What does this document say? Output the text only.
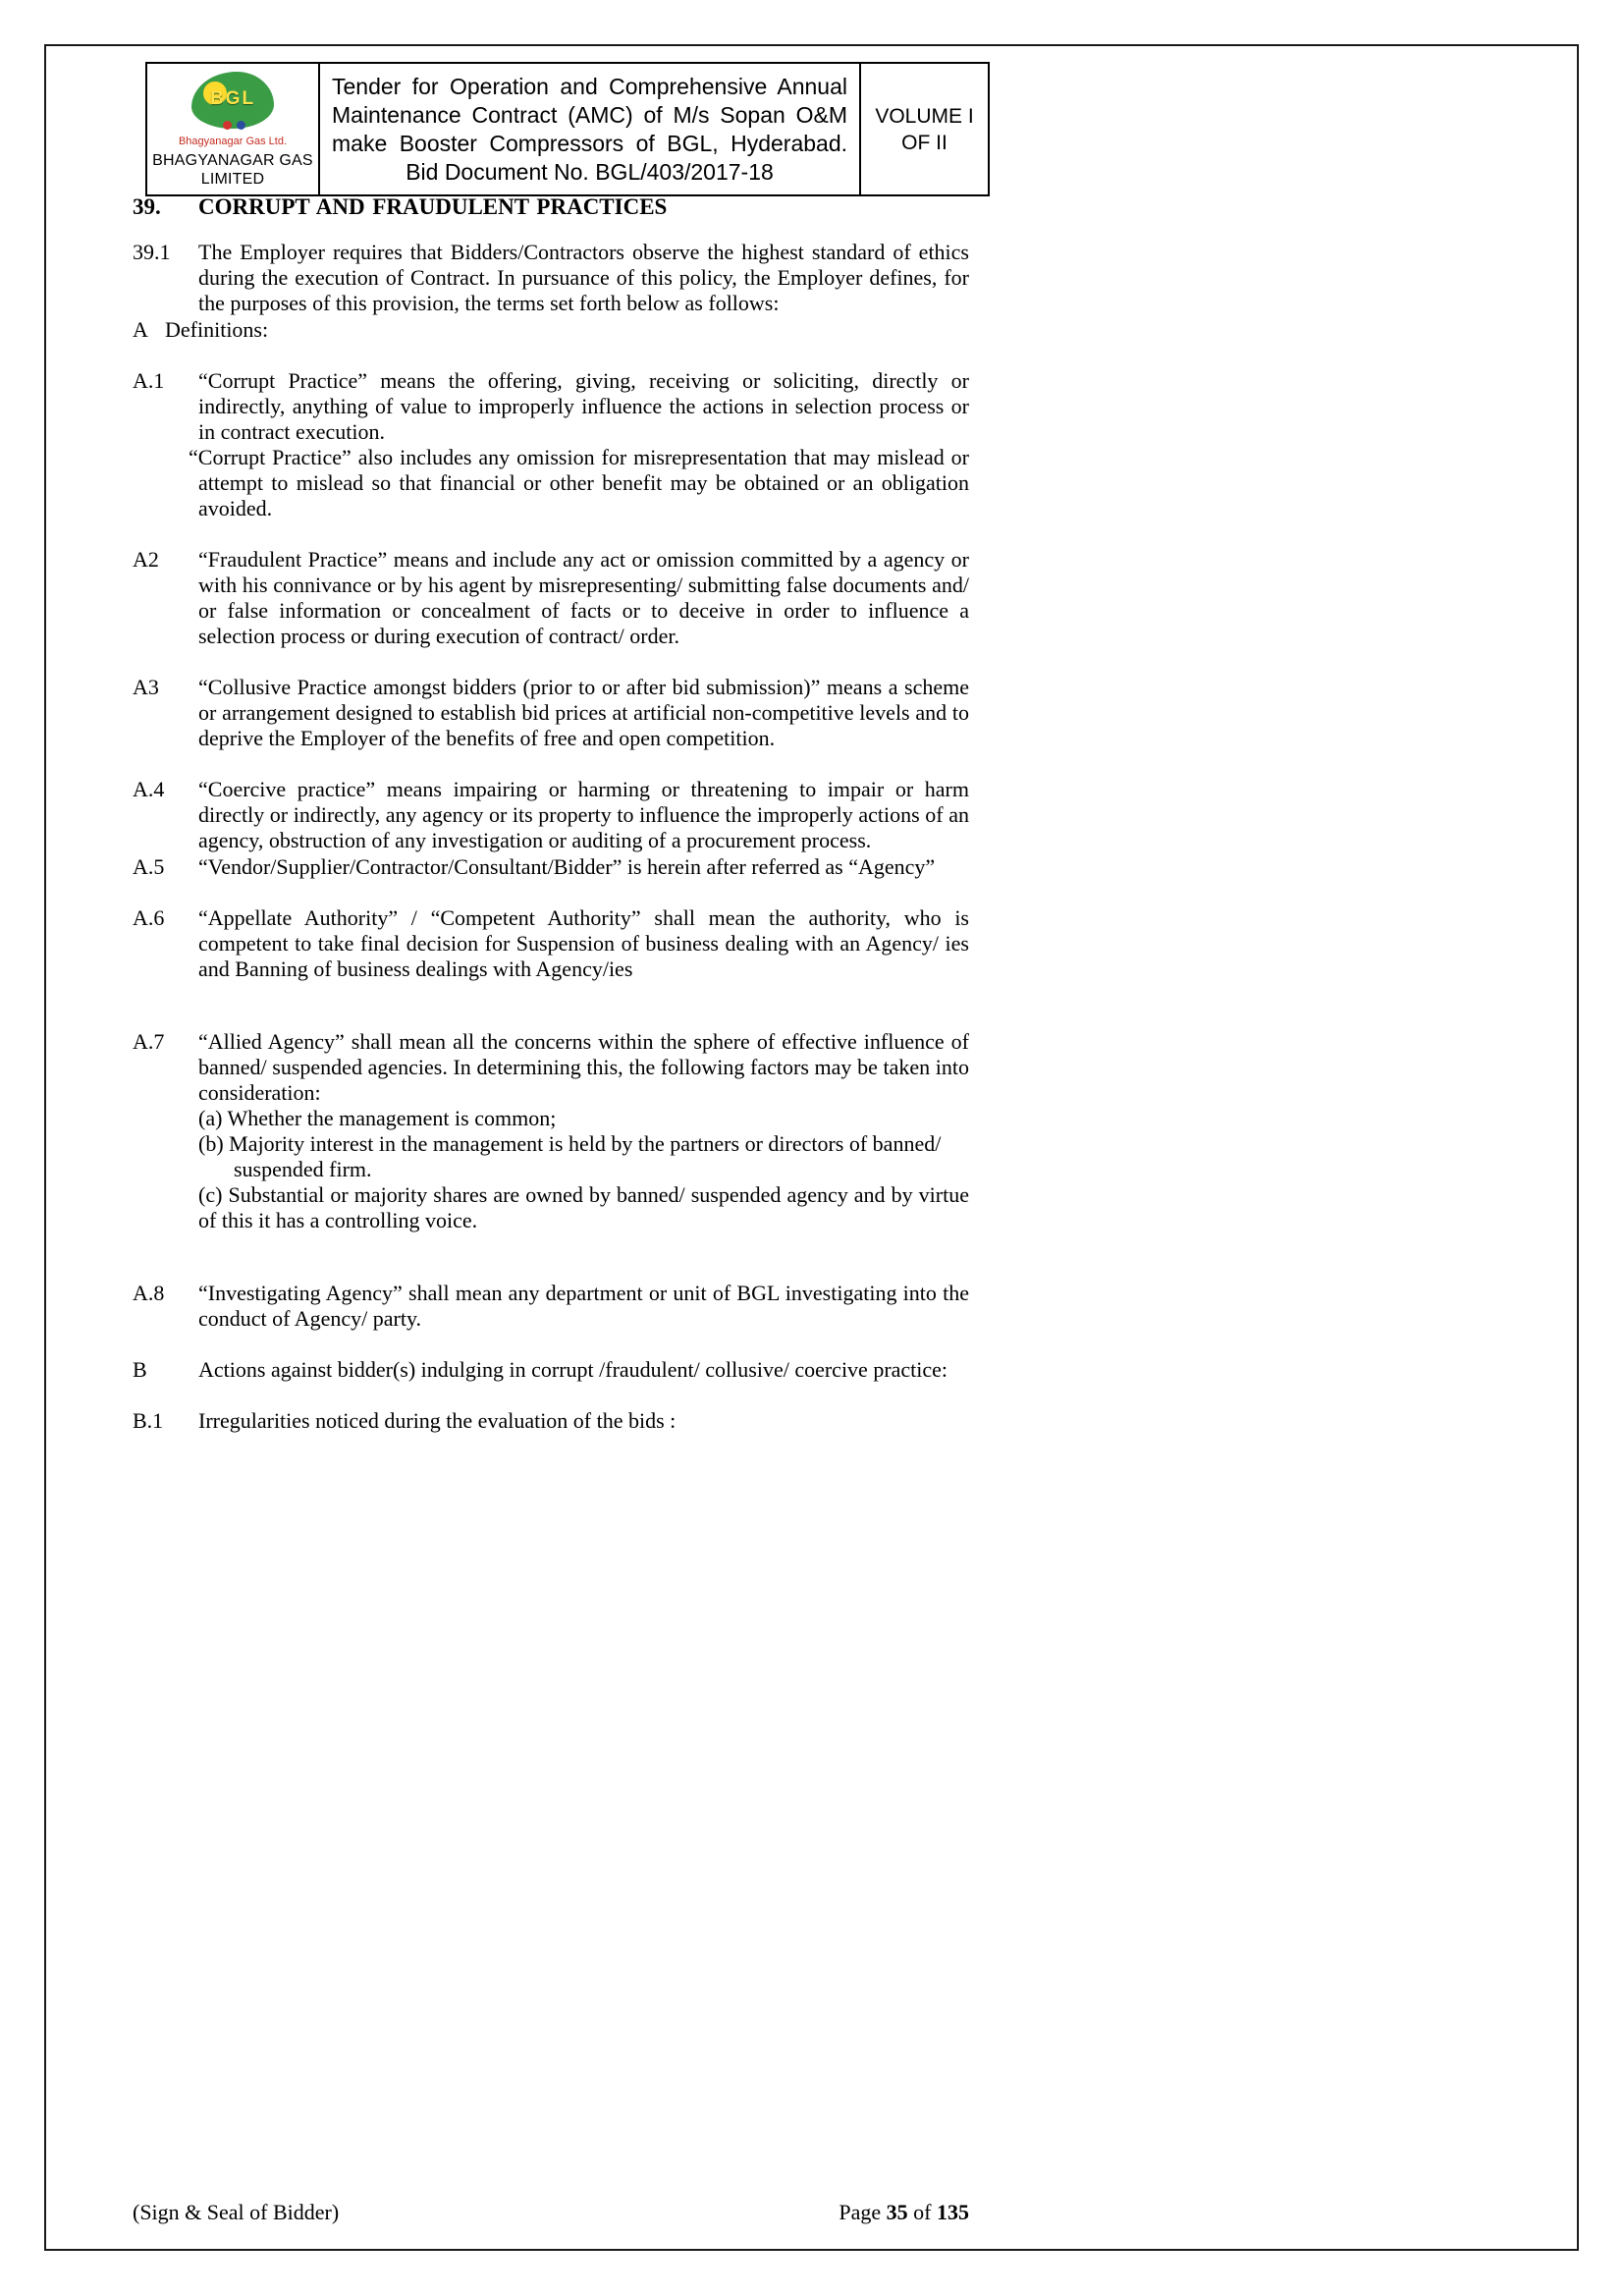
BGL
Bhagyanagar Gas Ltd.
BHAGYANAGAR GAS
LIMITED
Tender for Operation and Comprehensive Annual
Maintenance Contract (AMC) of M/s Sopan O&M
make Booster Compressors of BGL, Hyderabad.
Bid Document No. BGL/403/2017-18
VOLUME I
OF II
39.	CORRUPT AND FRAUDULENT PRACTICES
39.1	The Employer requires that Bidders/Contractors observe the highest standard of ethics during the execution of Contract. In pursuance of this policy, the Employer defines, for the purposes of this provision, the terms set forth below as follows:
A Definitions:
A.1	“Corrupt Practice” means the offering, giving, receiving or soliciting, directly or indirectly, anything of value to improperly influence the actions in selection process or in contract execution.
“Corrupt Practice” also includes any omission for misrepresentation that may mislead or attempt to mislead so that financial or other benefit may be obtained or an obligation avoided.
A2	“Fraudulent Practice” means and include any act or omission committed by a agency or with his connivance or by his agent by misrepresenting/ submitting false documents and/ or false information or concealment of facts or to deceive in order to influence a selection process or during execution of contract/ order.
A3	“Collusive Practice amongst bidders (prior to or after bid submission)” means a scheme or arrangement designed to establish bid prices at artificial non-competitive levels and to deprive the Employer of the benefits of free and open competition.
A.4	“Coercive practice” means impairing or harming or threatening to impair or harm directly or indirectly, any agency or its property to influence the improperly actions of an agency, obstruction of any investigation or auditing of a procurement process.
A.5	“Vendor/Supplier/Contractor/Consultant/Bidder” is herein after referred as “Agency”
A.6	“Appellate Authority” / “Competent Authority” shall mean the authority, who is competent to take final decision for Suspension of business dealing with an Agency/ ies and Banning of business dealings with Agency/ies
A.7	“Allied Agency” shall mean all the concerns within the sphere of effective influence of banned/ suspended agencies. In determining this, the following factors may be taken into consideration:
(a) Whether the management is common;
(b) Majority interest in the management is held by the partners or directors of banned/ suspended firm.
(c) Substantial or majority shares are owned by banned/ suspended agency and by virtue of this it has a controlling voice.
A.8	“Investigating Agency” shall mean any department or unit of BGL investigating into the conduct of Agency/ party.
B	Actions against bidder(s) indulging in corrupt /fraudulent/ collusive/ coercive practice:
B.1	Irregularities noticed during the evaluation of the bids :
(Sign & Seal of Bidder)	Page 35 of 135
